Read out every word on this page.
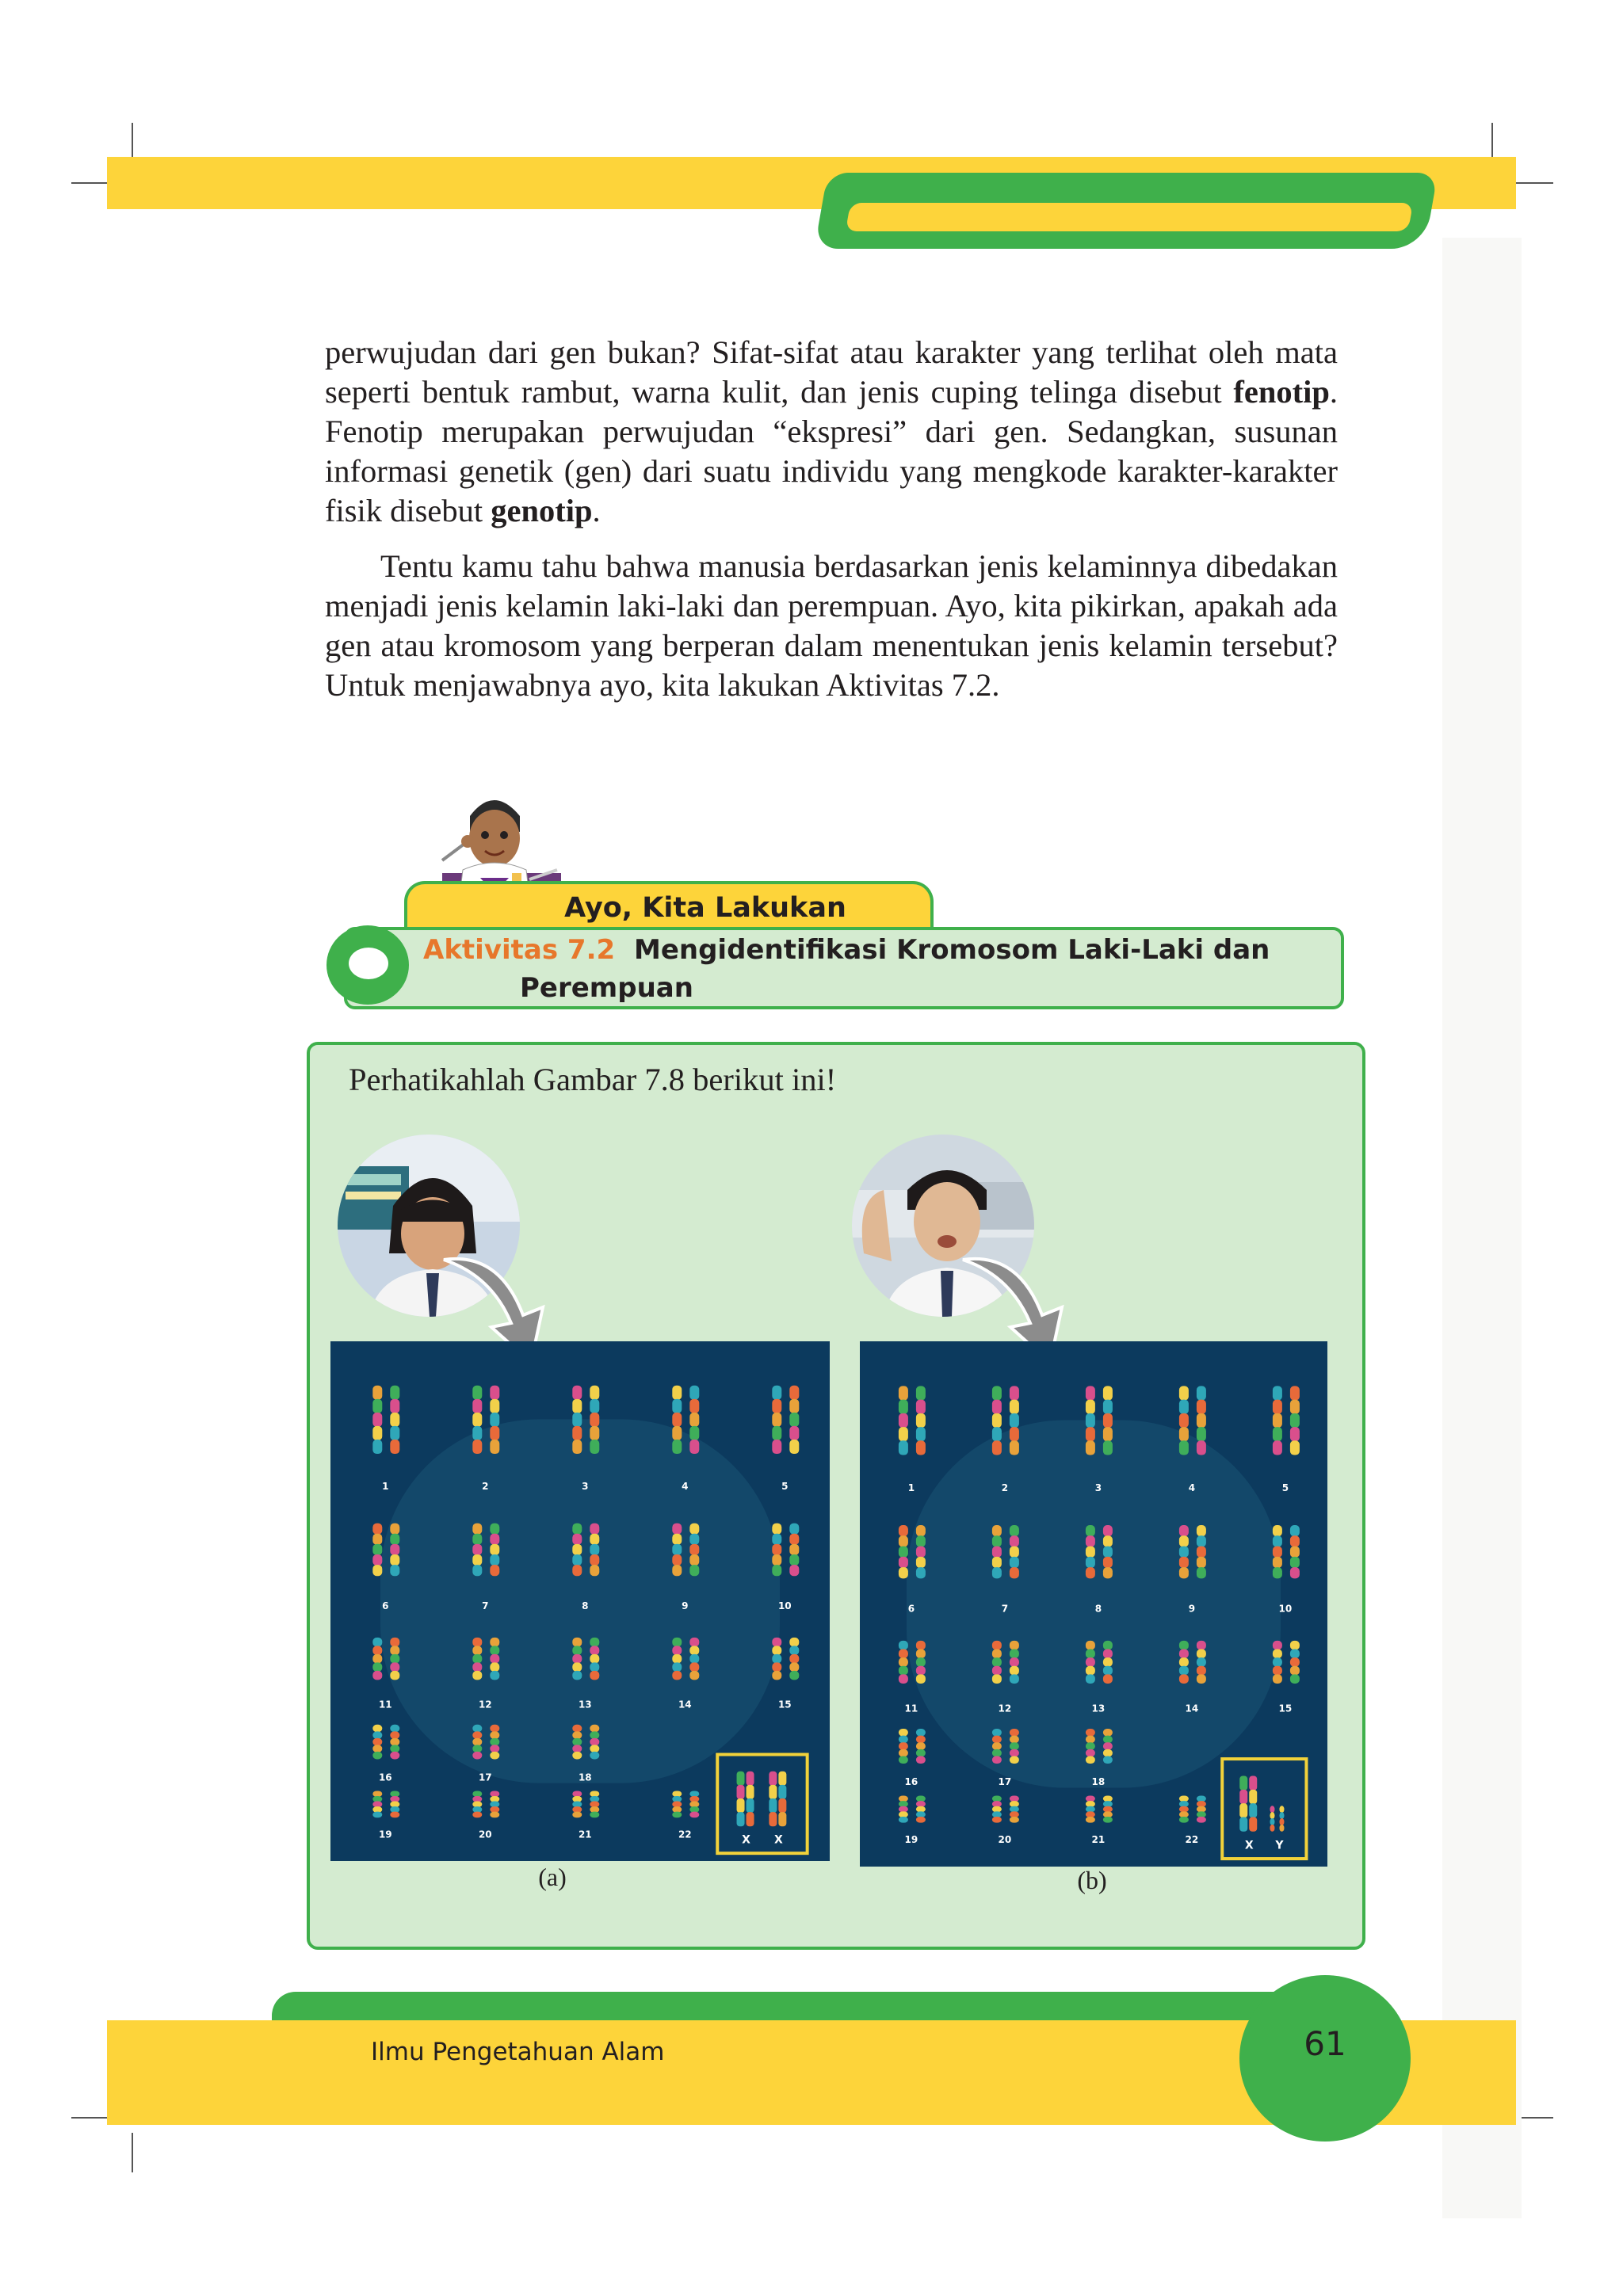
perwujudan dari gen bukan? Sifat-sifat atau karakter yang terlihat oleh mata seperti bentuk rambut, warna kulit, dan jenis cuping telinga disebut fenotip. Fenotip merupakan perwujudan “ekspresi” dari gen. Sedangkan, susunan informasi genetik (gen) dari suatu individu yang mengkode karakter-karakter fisik disebut genotip.

Tentu kamu tahu bahwa manusia berdasarkan jenis kelaminnya dibedakan menjadi jenis kelamin laki-laki dan perempuan. Ayo, kita pikirkan, apakah ada gen atau kromosom yang berperan dalam menentukan jenis kelamin tersebut? Untuk menjawabnya ayo, kita lakukan Aktivitas 7.2.

Ayo, Kita Lakukan
Aktivitas 7.2 Mengidentifikasi Kromosom Laki-Laki dan
Perempuan
Perhatikahlah Gambar 7.8 berikut ini!
1	2	3	4	5
6	7	8	9	10
11	12	13	14	15
16	17	18
19	20	21	22	X X
1	2	3	4	5
6	7	8	9	10
11	12	13	14	15
16	17	18
19	20	21	22	X Y
(a)	(b)
Ilmu Pengetahuan Alam	61
